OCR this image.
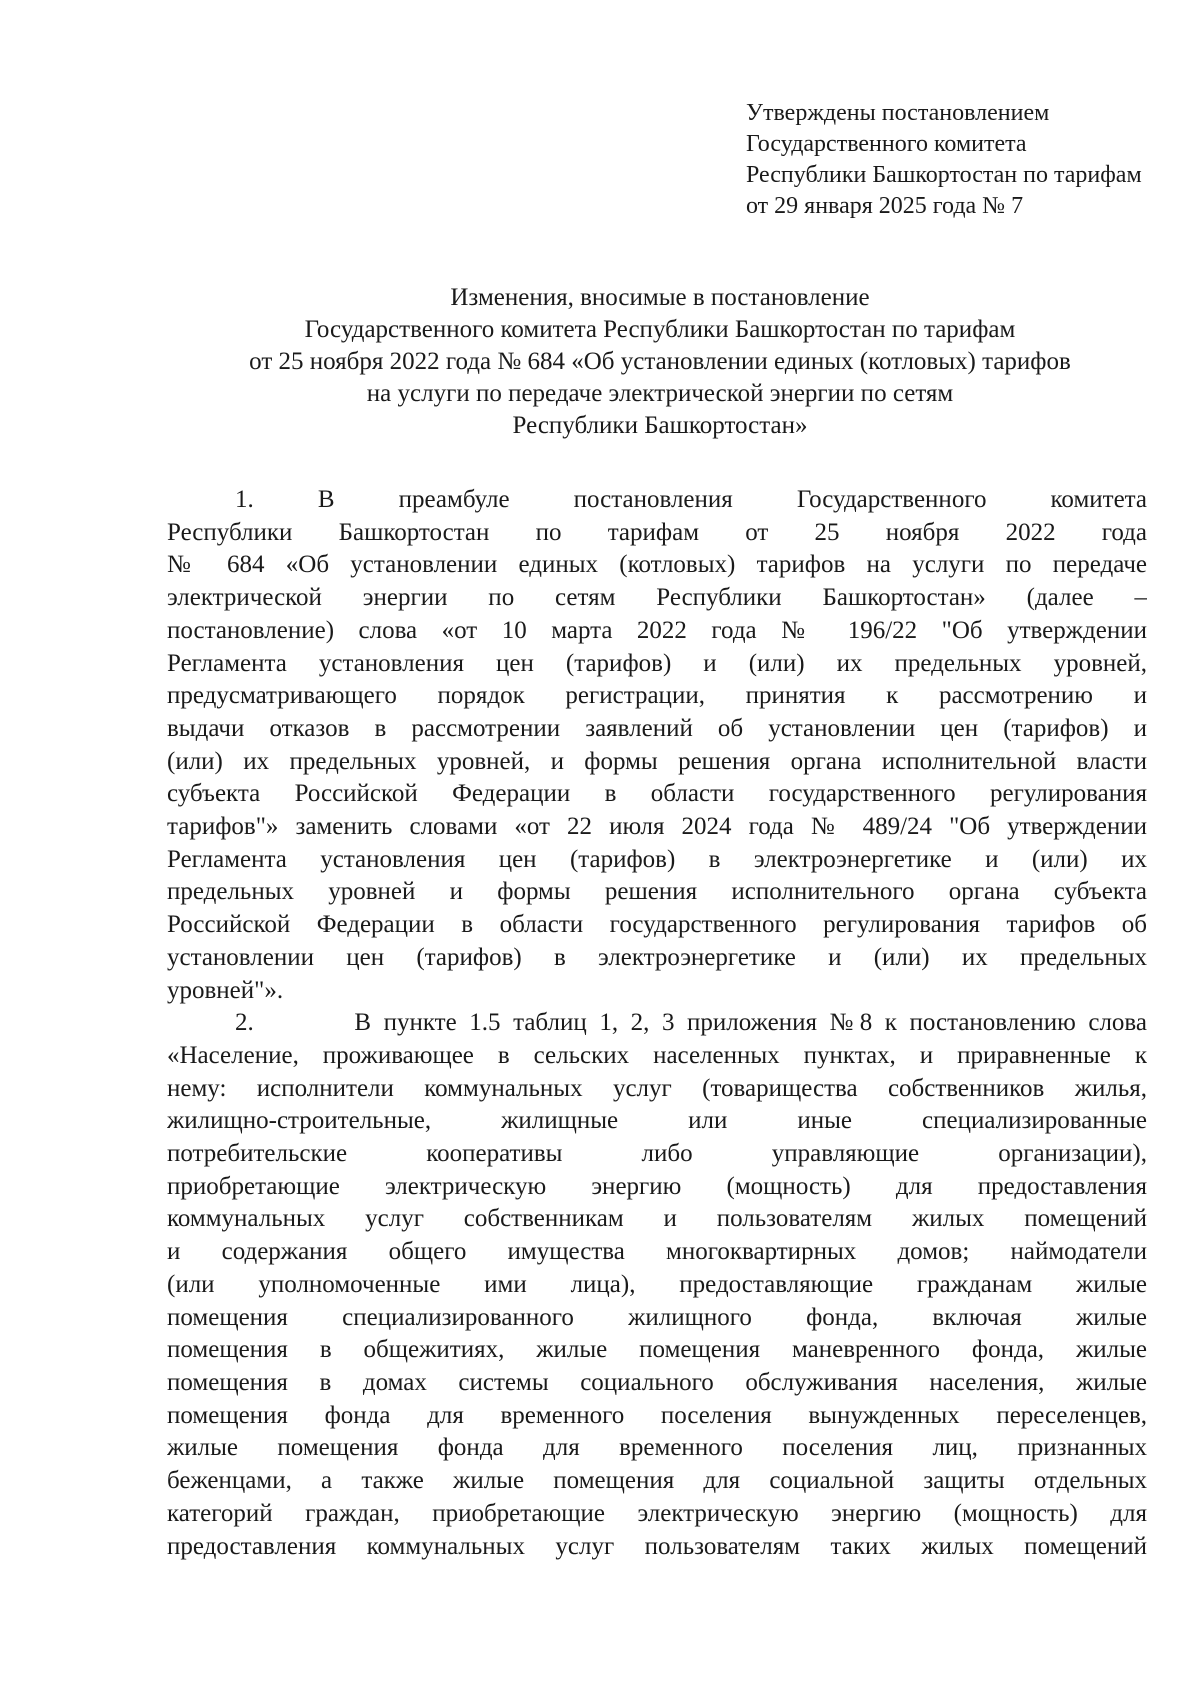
Утверждены постановлением
Государственного комитета
Республики Башкортостан по тарифам
от 29 января 2025 года № 7
Изменения, вносимые в постановление
Государственного комитета Республики Башкортостан по тарифам
от 25 ноября 2022 года № 684 «Об установлении единых (котловых) тарифов
на услуги по передаче электрической энергии по сетям
Республики Башкортостан»
1.        В        преамбуле        постановления        Государственного        комитета
Республики Башкортостан по тарифам от 25 ноября 2022 года
№ 684 «Об установлении единых (котловых) тарифов на услуги по передаче
электрической энергии по сетям Республики Башкортостан» (далее –
постановление) слова «от 10 марта 2022 года № 196/22 "Об утверждении
Регламента установления цен (тарифов) и (или) их предельных уровней,
предусматривающего порядок регистрации, принятия к рассмотрению и
выдачи отказов в рассмотрении заявлений об установлении цен (тарифов) и
(или) их предельных уровней, и формы решения органа исполнительной власти
субъекта Российской Федерации в области государственного регулирования
тарифов"» заменить словами «от 22 июля 2024 года № 489/24 "Об утверждении
Регламента установления цен (тарифов) в электроэнергетике и (или) их
предельных уровней и формы решения исполнительного органа субъекта
Российской Федерации в области государственного регулирования тарифов об
установлении цен (тарифов) в электроэнергетике и (или) их предельных
уровней"».
2.        В пункте 1.5 таблиц 1, 2, 3 приложения №8 к постановлению слова
«Население, проживающее в сельских населенных пунктах, и приравненные к
нему: исполнители коммунальных услуг (товарищества собственников жилья,
жилищно-строительные, жилищные или иные специализированные
потребительские кооперативы либо управляющие организации),
приобретающие электрическую энергию (мощность) для предоставления
коммунальных услуг собственникам и пользователям жилых помещений
и содержания общего имущества многоквартирных домов; наймодатели
(или уполномоченные ими лица), предоставляющие гражданам жилые
помещения специализированного жилищного фонда, включая жилые
помещения в общежитиях, жилые помещения маневренного фонда, жилые
помещения в домах системы социального обслуживания населения, жилые
помещения фонда для временного поселения вынужденных переселенцев,
жилые помещения фонда для временного поселения лиц, признанных
беженцами, а также жилые помещения для социальной защиты отдельных
категорий граждан, приобретающие электрическую энергию (мощность) для
предоставления коммунальных услуг пользователям таких жилых помещений
